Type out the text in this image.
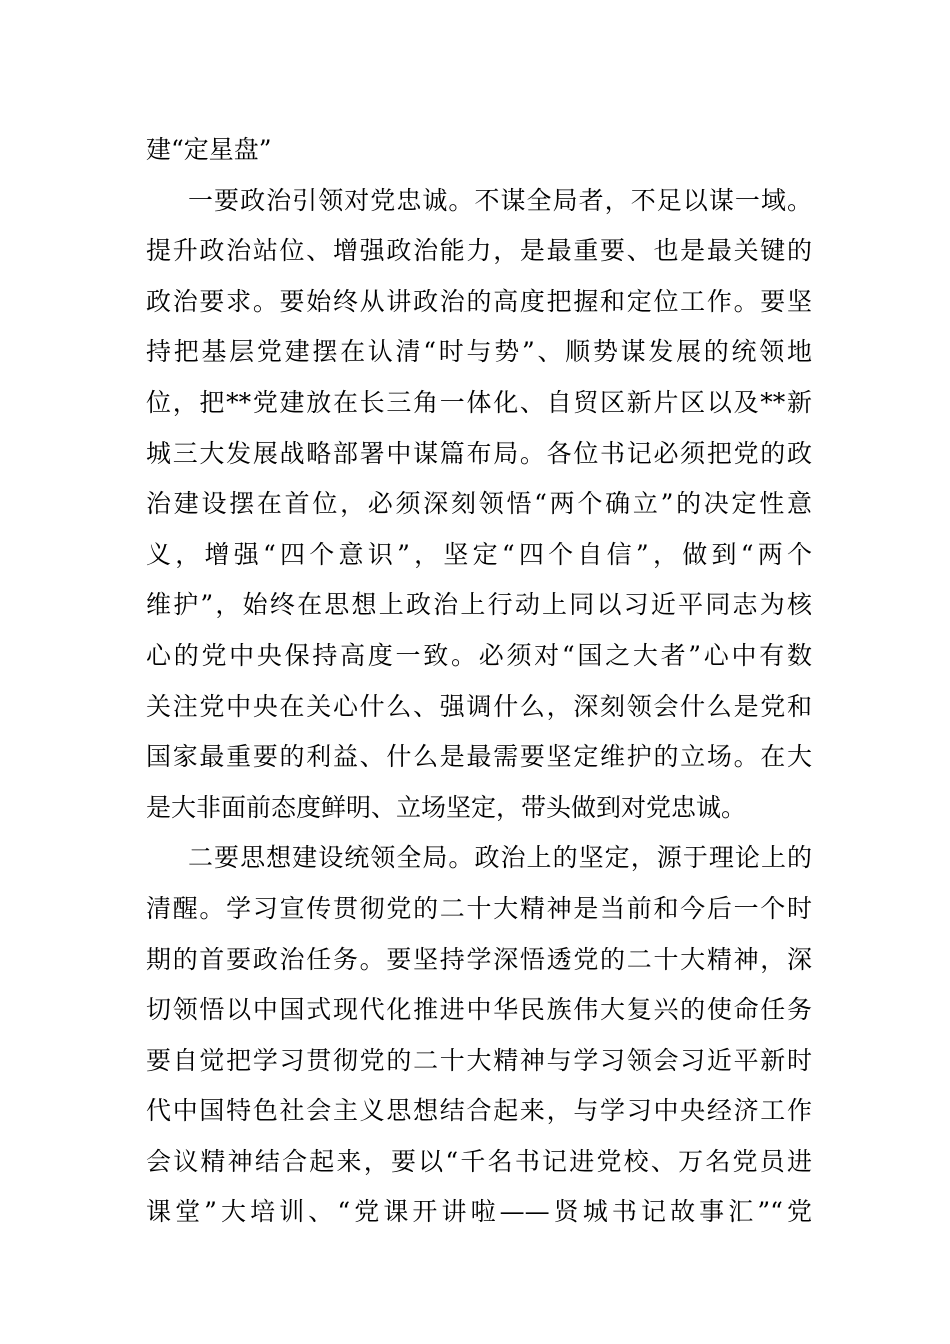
建“定星盘”
一要政治引领对党忠诚。不谋全局者，不足以谋一域。
提升政治站位、增强政治能力，是最重要、也是最关键的
政治要求。要始终从讲政治的高度把握和定位工作。要坚
持把基层党建摆在认清“时与势”、顺势谋发展的统领地
位，把**党建放在长三角一体化、自贸区新片区以及**新
城三大发展战略部署中谋篇布局。各位书记必须把党的政
治建设摆在首位，必须深刻领悟“两个确立”的决定性意
义，增强“四个意识”，坚定“四个自信”，做到“两个
维护”，始终在思想上政治上行动上同以习近平同志为核
心的党中央保持高度一致。必须对“国之大者”心中有数
关注党中央在关心什么、强调什么，深刻领会什么是党和
国家最重要的利益、什么是最需要坚定维护的立场。在大
是大非面前态度鲜明、立场坚定，带头做到对党忠诚。
二要思想建设统领全局。政治上的坚定，源于理论上的
清醒。学习宣传贯彻党的二十大精神是当前和今后一个时
期的首要政治任务。要坚持学深悟透党的二十大精神，深
切领悟以中国式现代化推进中华民族伟大复兴的使命任务
要自觉把学习贯彻党的二十大精神与学习领会习近平新时
代中国特色社会主义思想结合起来，与学习中央经济工作
会议精神结合起来，要以“千名书记进党校、万名党员进
课堂”大培训、“党课开讲啦——贤城书记故事汇”“党
